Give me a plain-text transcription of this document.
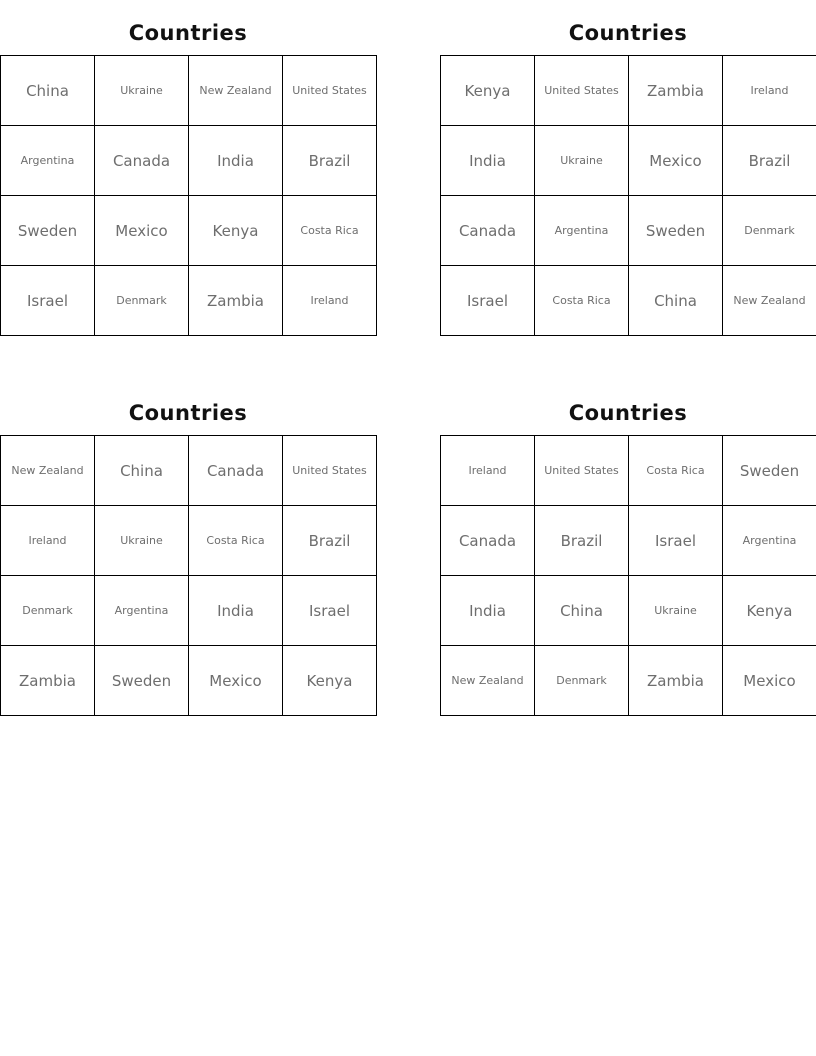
Countries
China	Ukraine	New Zealand	United States
Argentina	Canada	India	Brazil
Sweden	Mexico	Kenya	Costa Rica
Israel	Denmark	Zambia	Ireland
Countries
Kenya	United States	Zambia	Ireland
India	Ukraine	Mexico	Brazil
Canada	Argentina	Sweden	Denmark
Israel	Costa Rica	China	New Zealand
Countries
New Zealand	China	Canada	United States
Ireland	Ukraine	Costa Rica	Brazil
Denmark	Argentina	India	Israel
Zambia	Sweden	Mexico	Kenya
Countries
Ireland	United States	Costa Rica	Sweden
Canada	Brazil	Israel	Argentina
India	China	Ukraine	Kenya
New Zealand	Denmark	Zambia	Mexico
